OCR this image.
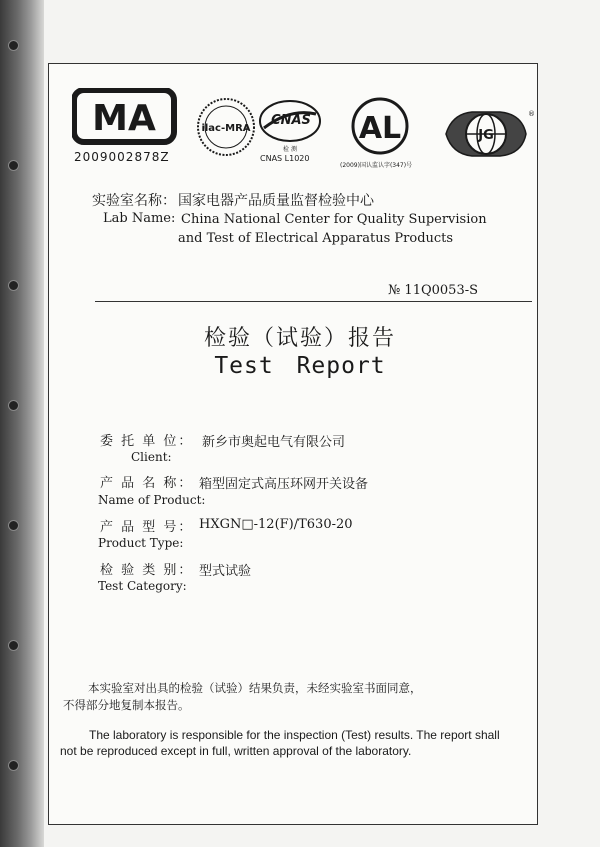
MA
2009002878Z
ilac-MRA
CNAS
检 测
CNAS L1020
AL
(2009)国认监认字(347)号
JG
®
实验室名称： 国家电器产品质量监督检验中心
Lab Name: China National Center for Quality Supervision
and Test of Electrical Apparatus Products
№ 11Q0053-S
检验（试验）报告
Test Report
委 托 单 位： 新乡市奥起电气有限公司
Client:
产 品 名 称： 箱型固定式高压环网开关设备
Name of Product:
产 品 型 号： HXGN□-12(F)/T630-20
Product Type:
检 验 类 别： 型式试验
Test Category:
本实验室对出具的检验（试验）结果负责，未经实验室书面同意，
不得部分地复制本报告。
The laboratory is responsible for the inspection (Test) results. The report shall
not be reproduced except in full, written approval of the laboratory.
